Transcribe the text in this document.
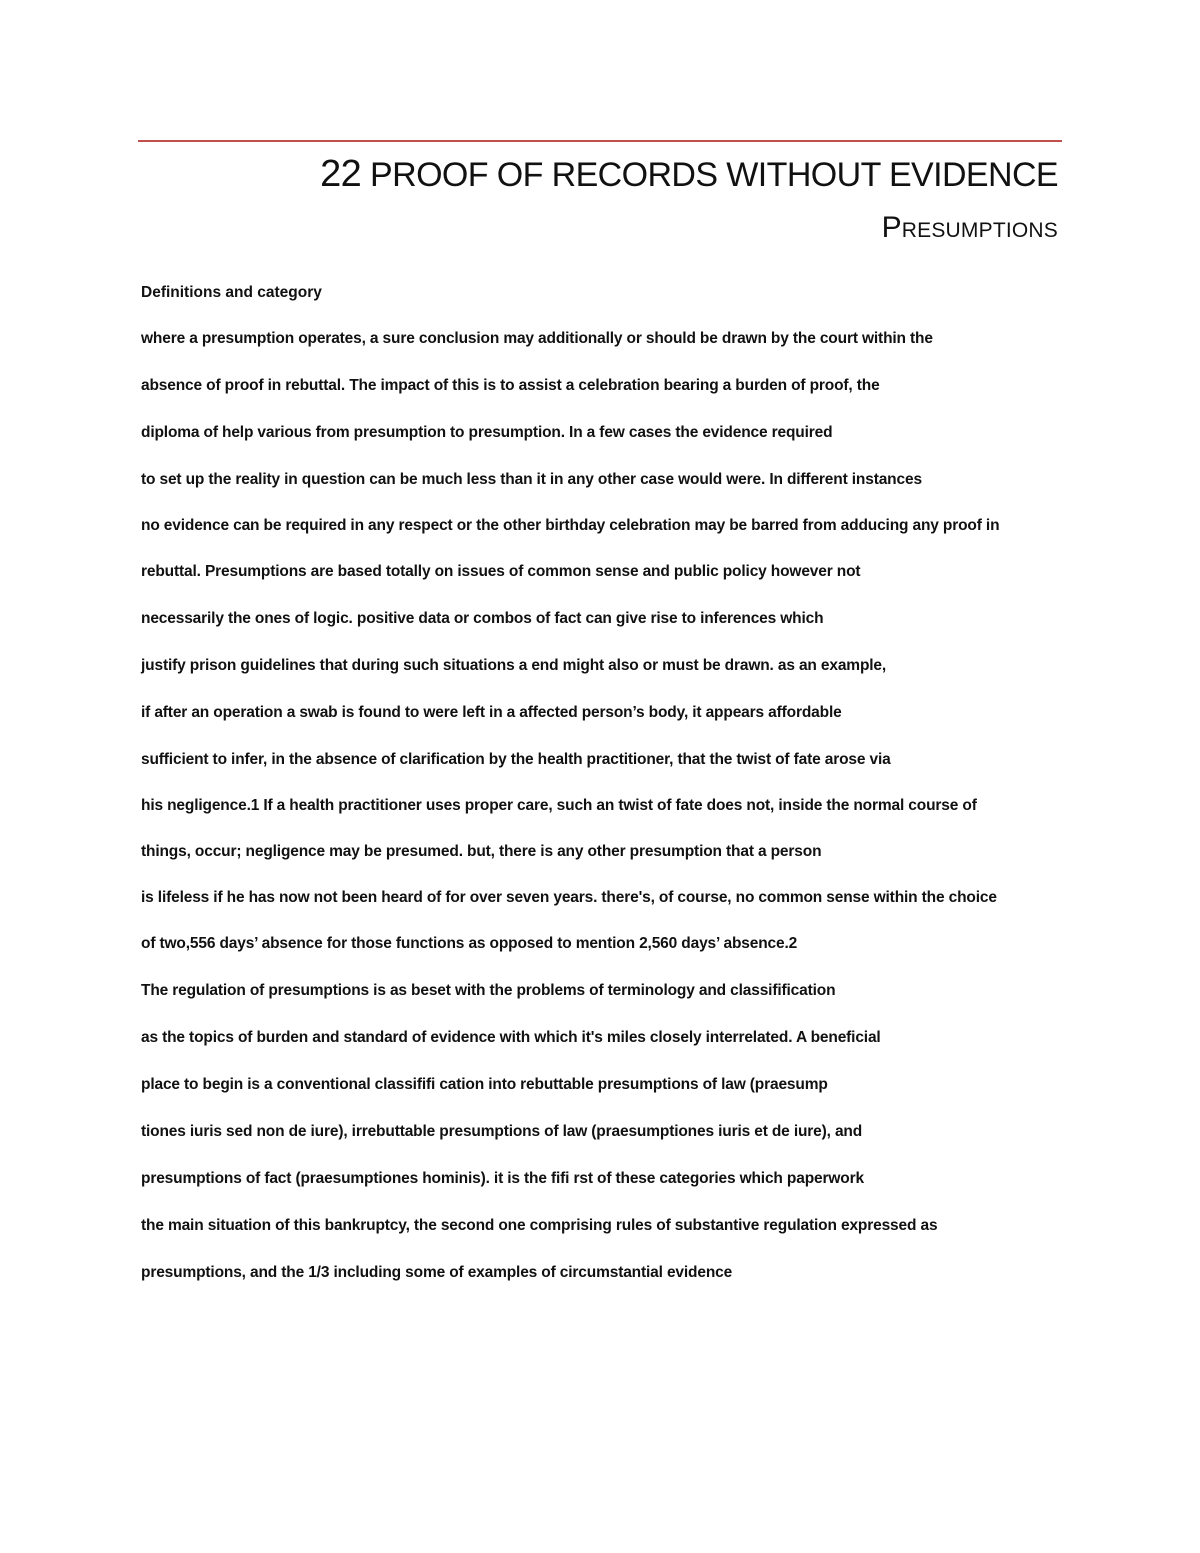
22 PROOF OF RECORDS WITHOUT EVIDENCE
Presumptions

Definitions and category

where a presumption operates, a sure conclusion may additionally or should be drawn by the court within the

absence of proof in rebuttal. The impact of this is to assist a celebration bearing a burden of proof, the

diploma of help various from presumption to presumption. In a few cases the evidence required

to set up the reality in question can be much less than it in any other case would were. In different instances

no evidence can be required in any respect or the other birthday celebration may be barred from adducing any proof in

rebuttal. Presumptions are based totally on issues of common sense and public policy however not

necessarily the ones of logic. positive data or combos of fact can give rise to inferences which

justify prison guidelines that during such situations a end might also or must be drawn. as an example,

if after an operation a swab is found to were left in a affected person’s body, it appears affordable

sufficient to infer, in the absence of clarification by the health practitioner, that the twist of fate arose via

his negligence.1 If a health practitioner uses proper care, such an twist of fate does not, inside the normal course of

things, occur; negligence may be presumed. but, there is any other presumption that a person

is lifeless if he has now not been heard of for over seven years. there's, of course, no common sense within the choice

of two,556 days’ absence for those functions as opposed to mention 2,560 days’ absence.2

The regulation of presumptions is as beset with the problems of terminology and classifification

as the topics of burden and standard of evidence with which it's miles closely interrelated. A beneficial

place to begin is a conventional classififi cation into rebuttable presumptions of law (praesump

tiones iuris sed non de iure), irrebuttable presumptions of law (praesumptiones iuris et de iure), and

presumptions of fact (praesumptiones hominis). it is the fifi rst of these categories which paperwork

the main situation of this bankruptcy, the second one comprising rules of substantive regulation expressed as

presumptions, and the 1/3 including some of examples of circumstantial evidence
